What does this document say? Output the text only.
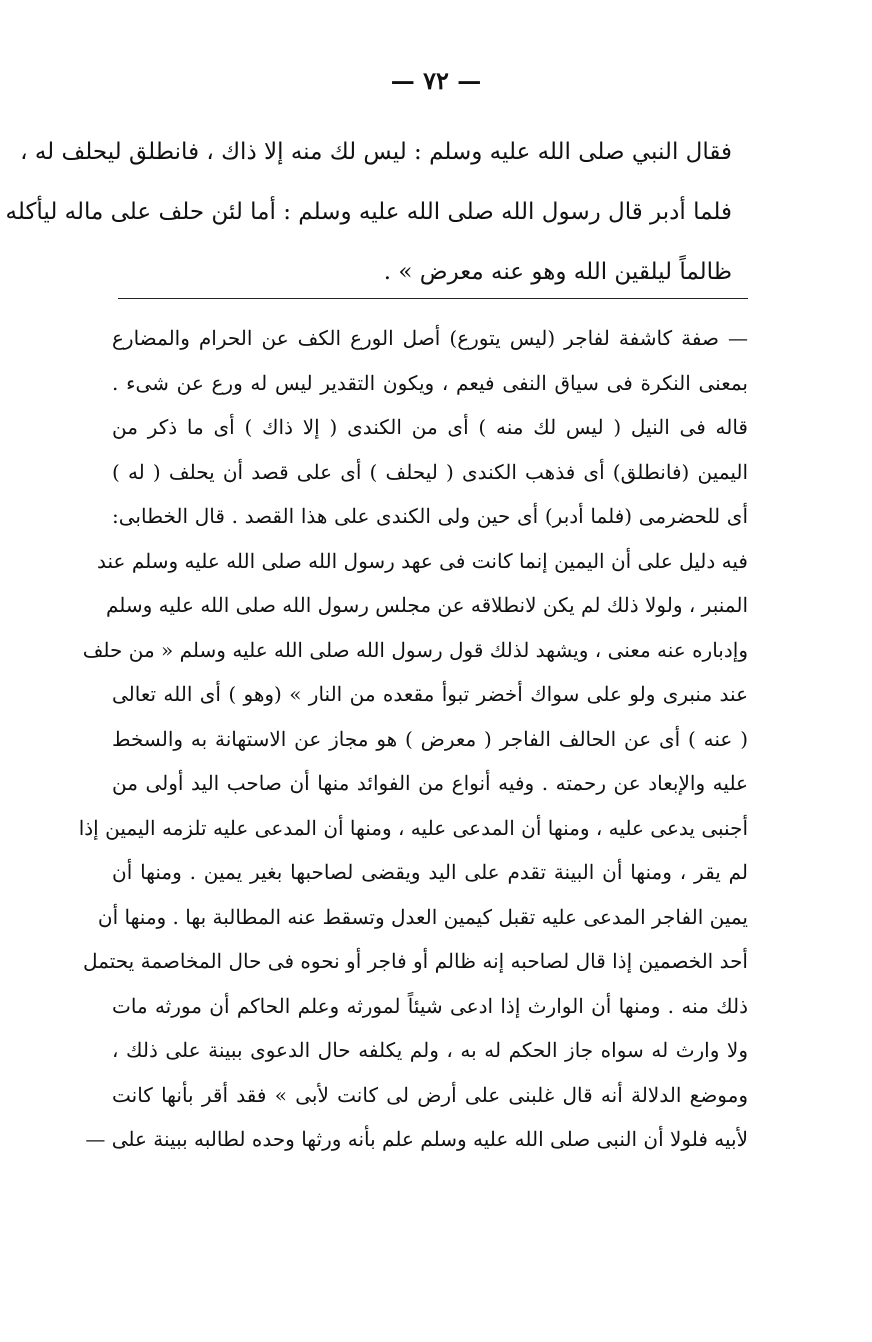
— ٧٢ —
فقال النبي صلى الله عليه وسلم : ليس لك منه إلا ذاك ، فانطلق ليحلف له ،
فلما أدبر قال رسول الله صلى الله عليه وسلم : أما لئن حلف على ماله ليأكله
ظالماً ليلقين الله وهو عنه معرض » .
— صفة كاشفة لفاجر (ليس يتورع) أصل الورع الكف عن الحرام والمضارع
بمعنى النكرة فى سياق النفى فيعم ، ويكون التقدير ليس له ورع عن شىء .
قاله فى النيل ( ليس لك منه ) أى من الكندى ( إلا ذاك ) أى ما ذكر من
اليمين (فانطلق) أى فذهب الكندى ( ليحلف ) أى على قصد أن يحلف ( له )
أى للحضرمى (فلما أدبر) أى حين ولى الكندى على هذا القصد . قال الخطابى:
فيه دليل على أن اليمين إنما كانت فى عهد رسول الله صلى الله عليه وسلم عند
المنبر ، ولولا ذلك لم يكن لانطلاقه عن مجلس رسول الله صلى الله عليه وسلم
وإدباره عنه معنى ، ويشهد لذلك قول رسول الله صلى الله عليه وسلم « من حلف
عند منبرى ولو على سواك أخضر تبوأ مقعده من النار » (وهو ) أى الله تعالى
( عنه ) أى عن الحالف الفاجر ( معرض ) هو مجاز عن الاستهانة به والسخط
عليه والإبعاد عن رحمته . وفيه أنواع من الفوائد منها أن صاحب اليد أولى من
أجنبى يدعى عليه ، ومنها أن المدعى عليه ، ومنها أن المدعى عليه تلزمه اليمين إذا
لم يقر ، ومنها أن البينة تقدم على اليد ويقضى لصاحبها بغير يمين . ومنها أن
يمين الفاجر المدعى عليه تقبل كيمين العدل وتسقط عنه المطالبة بها . ومنها أن
أحد الخصمين إذا قال لصاحبه إنه ظالم أو فاجر أو نحوه فى حال المخاصمة يحتمل
ذلك منه . ومنها أن الوارث إذا ادعى شيئاً لمورثه وعلم الحاكم أن مورثه مات
ولا وارث له سواه جاز الحكم له به ، ولم يكلفه حال الدعوى ببينة على ذلك ،
وموضع الدلالة أنه قال غلبنى على أرض لى كانت لأبى » فقد أقر بأنها كانت
لأبيه فلولا أن النبى صلى الله عليه وسلم علم بأنه ورثها وحده لطالبه ببينة على —
